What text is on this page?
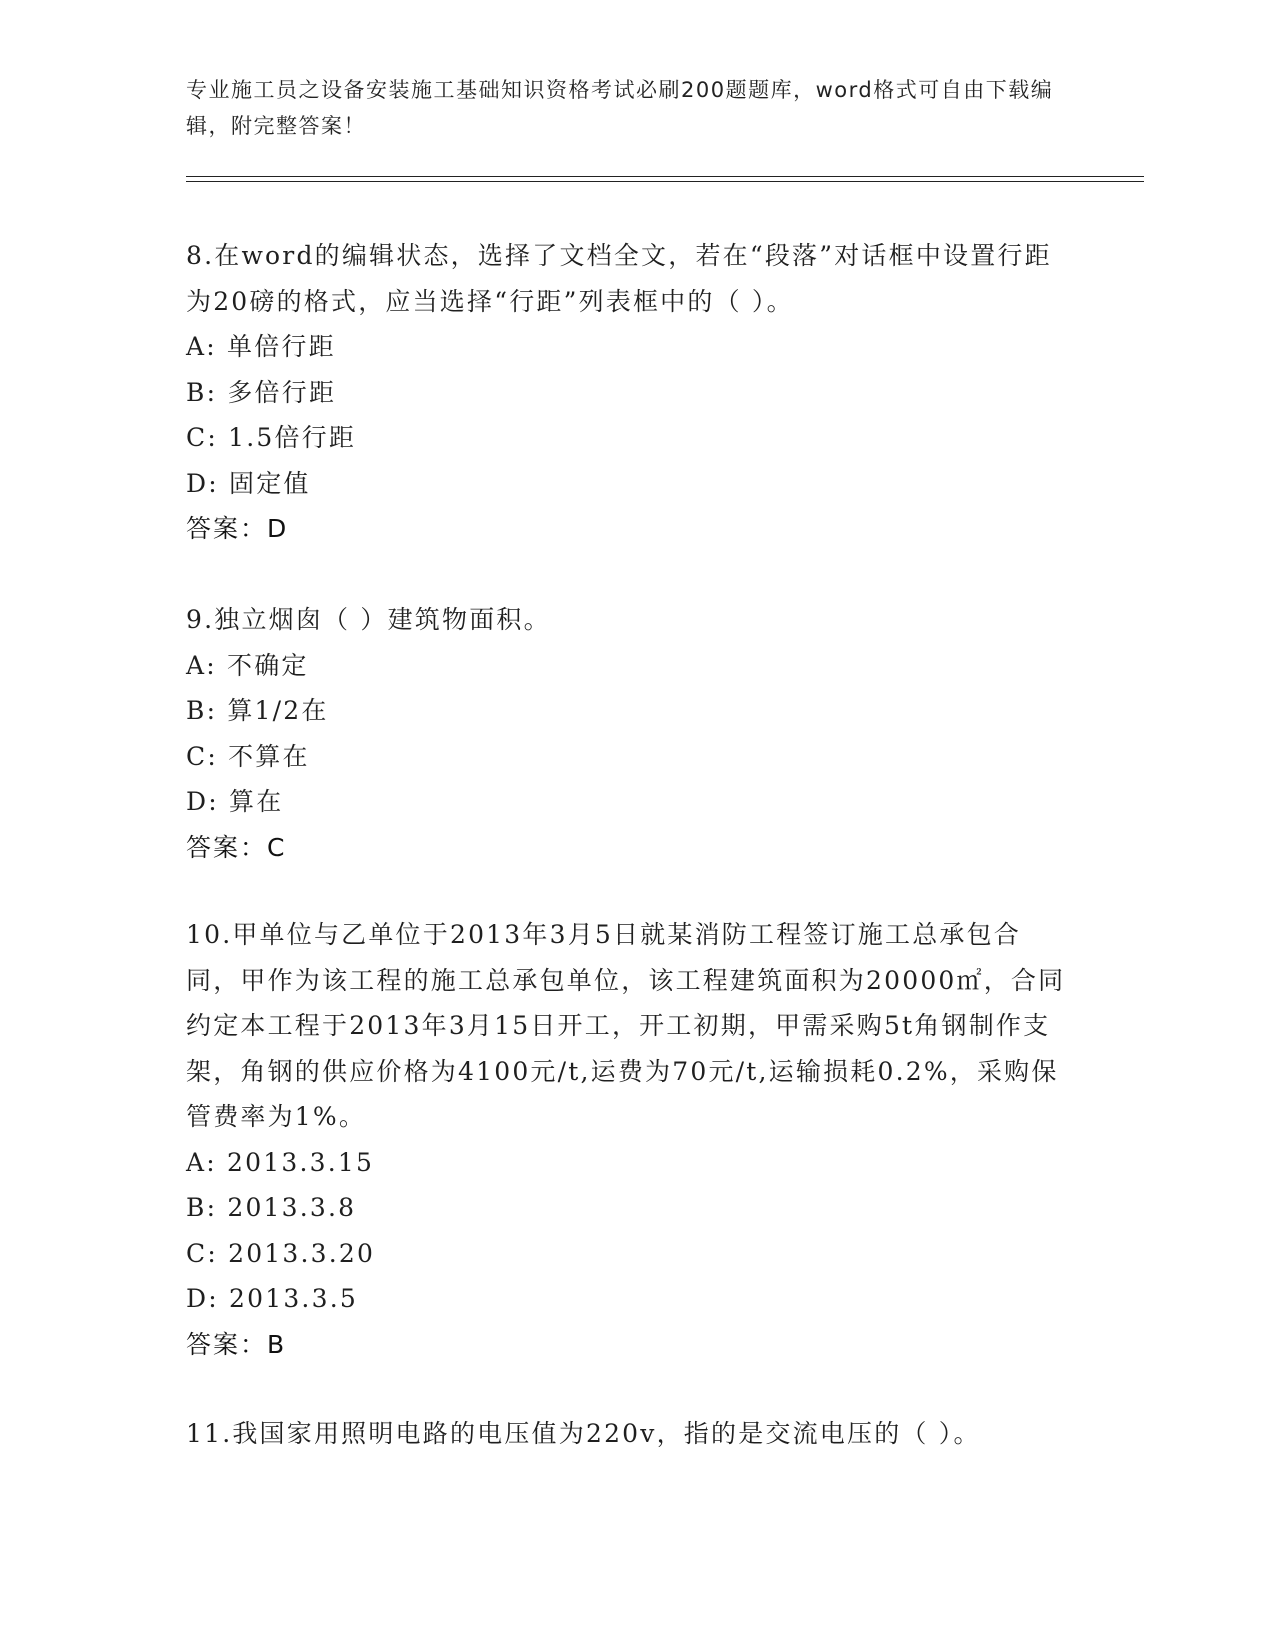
专业施工员之设备安装施工基础知识资格考试必刷200题题库，word格式可自由下载编辑，附完整答案！

8.在word的编辑状态，选择了文档全文，若在“段落”对话框中设置行距为20磅的格式，应当选择“行距”列表框中的（ ）。

A: 单倍行距

B: 多倍行距

C: 1.5倍行距

D: 固定值

答案：D

9.独立烟囱（ ）建筑物面积。

A: 不确定

B: 算1/2在

C: 不算在

D: 算在

答案：C

10.甲单位与乙单位于2013年3月5日就某消防工程签订施工总承包合同，甲作为该工程的施工总承包单位，该工程建筑面积为20000㎡，合同约定本工程于2013年3月15日开工，开工初期，甲需采购5t角钢制作支架，角钢的供应价格为4100元/t,运费为70元/t,运输损耗0.2%，采购保管费率为1%。

A: 2013.3.15

B: 2013.3.8

C: 2013.3.20

D: 2013.3.5

答案：B

11.我国家用照明电路的电压值为220v，指的是交流电压的（ ）。
